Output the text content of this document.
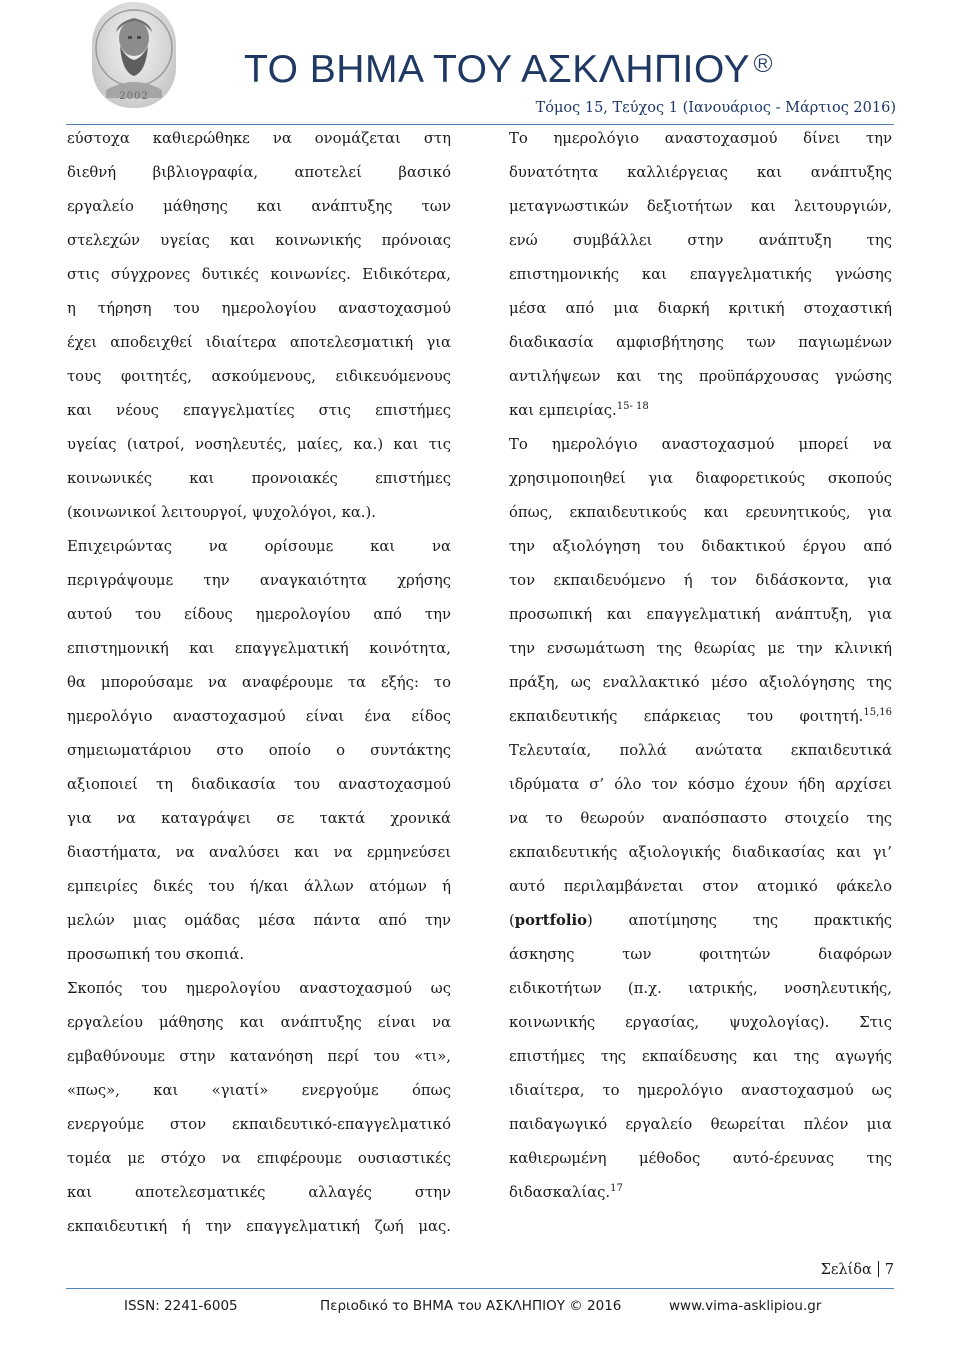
2002
ΤΟ ΒΗΜΑ ΤΟΥ ΑΣΚΛΗΠΙΟΥ R
Τόμος 15, Τεύχος 1 (Ιανουάριος - Μάρτιος 2016)
εύστοχα καθιερώθηκε να ονομάζεται στη
διεθνή βιβλιογραφία, αποτελεί βασικό
εργαλείο μάθησης και ανάπτυξης των
στελεχών υγείας και κοινωνικής πρόνοιας
στις σύγχρονες δυτικές κοινωνίες. Ειδικότερα,
η τήρηση του ημερολογίου αναστοχασμού
έχει αποδειχθεί ιδιαίτερα αποτελεσματική για
τους φοιτητές, ασκούμενους, ειδικευόμενους
και νέους επαγγελματίες στις επιστήμες
υγείας (ιατροί, νοσηλευτές, μαίες, κα.) και τις
κοινωνικές και προνοιακές επιστήμες
(κοινωνικοί λειτουργοί, ψυχολόγοι, κα.).
Επιχειρώντας να ορίσουμε και να
περιγράψουμε την αναγκαιότητα χρήσης
αυτού του είδους ημερολογίου από την
επιστημονική και επαγγελματική κοινότητα,
θα μπορούσαμε να αναφέρουμε τα εξής: το
ημερολόγιο αναστοχασμού είναι ένα είδος
σημειωματάριου στο οποίο ο συντάκτης
αξιοποιεί τη διαδικασία του αναστοχασμού
για να καταγράψει σε τακτά χρονικά
διαστήματα, να αναλύσει και να ερμηνεύσει
εμπειρίες δικές του ή/και άλλων ατόμων ή
μελών μιας ομάδας μέσα πάντα από την
προσωπική του σκοπιά.
Σκοπός του ημερολογίου αναστοχασμού ως
εργαλείου μάθησης και ανάπτυξης είναι να
εμβαθύνουμε στην κατανόηση περί του «τι»,
«πως», και «γιατί» ενεργούμε όπως
ενεργούμε στον εκπαιδευτικό-επαγγελματικό
τομέα με στόχο να επιφέρουμε ουσιαστικές
και αποτελεσματικές αλλαγές στην
εκπαιδευτική ή την επαγγελματική ζωή μας.
Το ημερολόγιο αναστοχασμού δίνει την
δυνατότητα καλλιέργειας και ανάπτυξης
μεταγνωστικών δεξιοτήτων και λειτουργιών,
ενώ συμβάλλει στην ανάπτυξη της
επιστημονικής και επαγγελματικής γνώσης
μέσα από μια διαρκή κριτική στοχαστική
διαδικασία αμφισβήτησης των παγιωμένων
αντιλήψεων και της προϋπάρχουσας γνώσης
και εμπειρίας.$^{15- 18}$
Το ημερολόγιο αναστοχασμού μπορεί να
χρησιμοποιηθεί για διαφορετικούς σκοπούς
όπως, εκπαιδευτικούς και ερευνητικούς, για
την αξιολόγηση του διδακτικού έργου από
τον εκπαιδευόμενο ή τον διδάσκοντα, για
προσωπική και επαγγελματική ανάπτυξη, για
την ενσωμάτωση της θεωρίας με την κλινική
πράξη, ως εναλλακτικό μέσο αξιολόγησης της
εκπαιδευτικής επάρκειας του φοιτητή.$^{15,16}$
Τελευταία, πολλά ανώτατα εκπαιδευτικά
ιδρύματα σ’ όλο τον κόσμο έχουν ήδη αρχίσει
να το θεωρούν αναπόσπαστο στοιχείο της
εκπαιδευτικής αξιολογικής διαδικασίας και γι’
αυτό περιλαμβάνεται στον ατομικό φάκελο
(portfolio) αποτίμησης της πρακτικής
άσκησης των φοιτητών διαφόρων
ειδικοτήτων (π.χ. ιατρικής, νοσηλευτικής,
κοινωνικής εργασίας, ψυχολογίας). Στις
επιστήμες της εκπαίδευσης και της αγωγής
ιδιαίτερα, το ημερολόγιο αναστοχασμού ως
παιδαγωγικό εργαλείο θεωρείται πλέον μια
καθιερωμένη μέθοδος αυτό-έρευνας της
διδασκαλίας.$^{17}$
Σελίδα 7
ISSN: 2241-6005	Περιοδικό το ΒΗΜΑ του ΑΣΚΛΗΠΙΟΥ © 2016	www.vima-asklipiou.gr
